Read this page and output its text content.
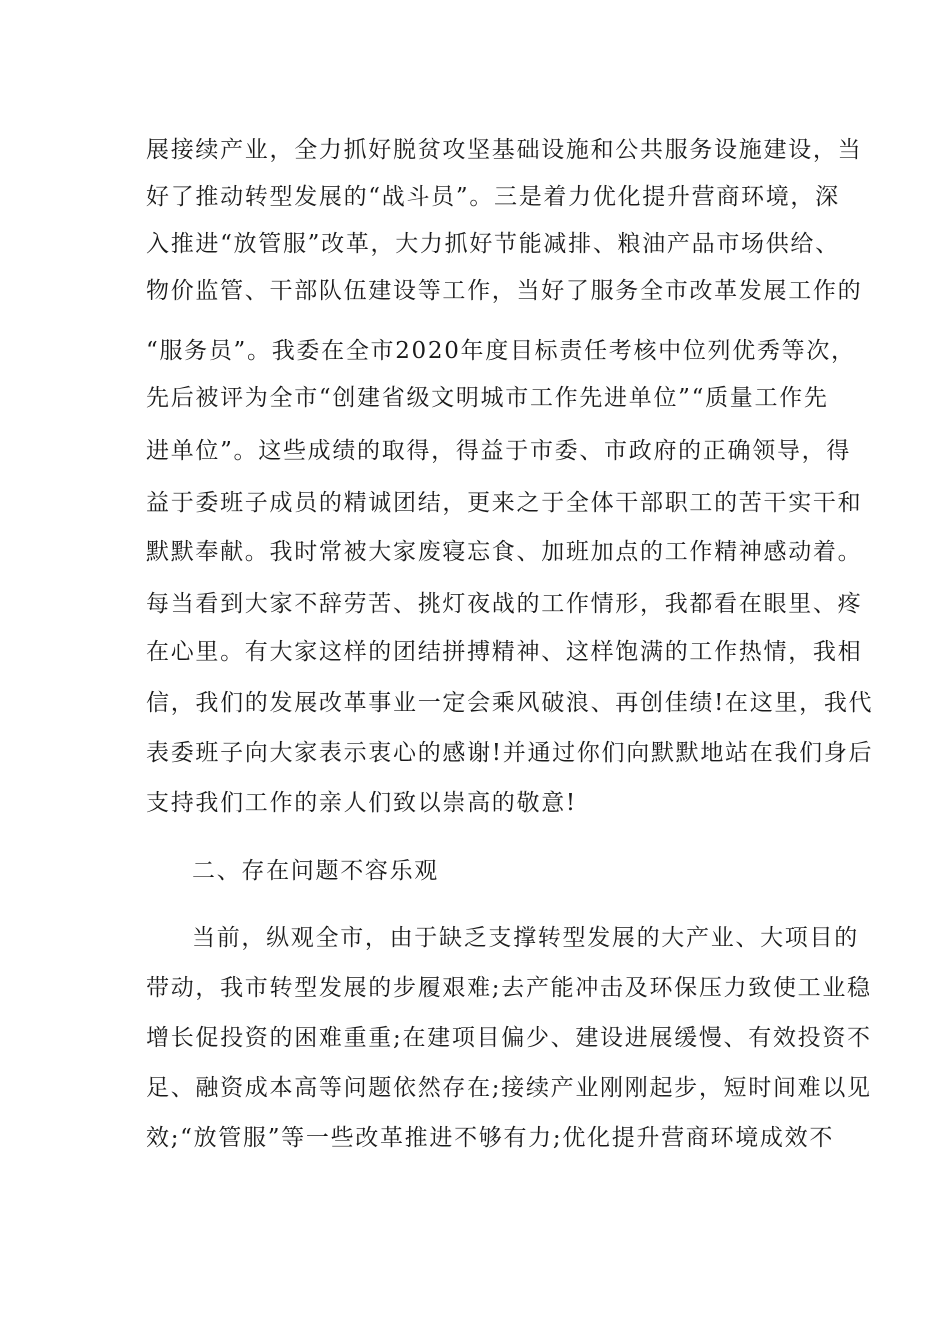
展接续产业，全力抓好脱贫攻坚基础设施和公共服务设施建设，当
好了推动转型发展的“战斗员”。三是着力优化提升营商环境，深
入推进“放管服”改革，大力抓好节能减排、粮油产品市场供给、
物价监管、干部队伍建设等工作，当好了服务全市改革发展工作的
“服务员”。我委在全市2020年度目标责任考核中位列优秀等次，
先后被评为全市“创建省级文明城市工作先进单位”“质量工作先
进单位”。这些成绩的取得，得益于市委、市政府的正确领导，得
益于委班子成员的精诚团结，更来之于全体干部职工的苦干实干和
默默奉献。我时常被大家废寝忘食、加班加点的工作精神感动着。
每当看到大家不辞劳苦、挑灯夜战的工作情形，我都看在眼里、疼
在心里。有大家这样的团结拼搏精神、这样饱满的工作热情，我相
信，我们的发展改革事业一定会乘风破浪、再创佳绩!在这里，我代
表委班子向大家表示衷心的感谢!并通过你们向默默地站在我们身后
支持我们工作的亲人们致以崇高的敬意!
二、存在问题不容乐观
当前，纵观全市，由于缺乏支撑转型发展的大产业、大项目的
带动，我市转型发展的步履艰难;去产能冲击及环保压力致使工业稳
增长促投资的困难重重;在建项目偏少、建设进展缓慢、有效投资不
足、融资成本高等问题依然存在;接续产业刚刚起步，短时间难以见
效;“放管服”等一些改革推进不够有力;优化提升营商环境成效不
